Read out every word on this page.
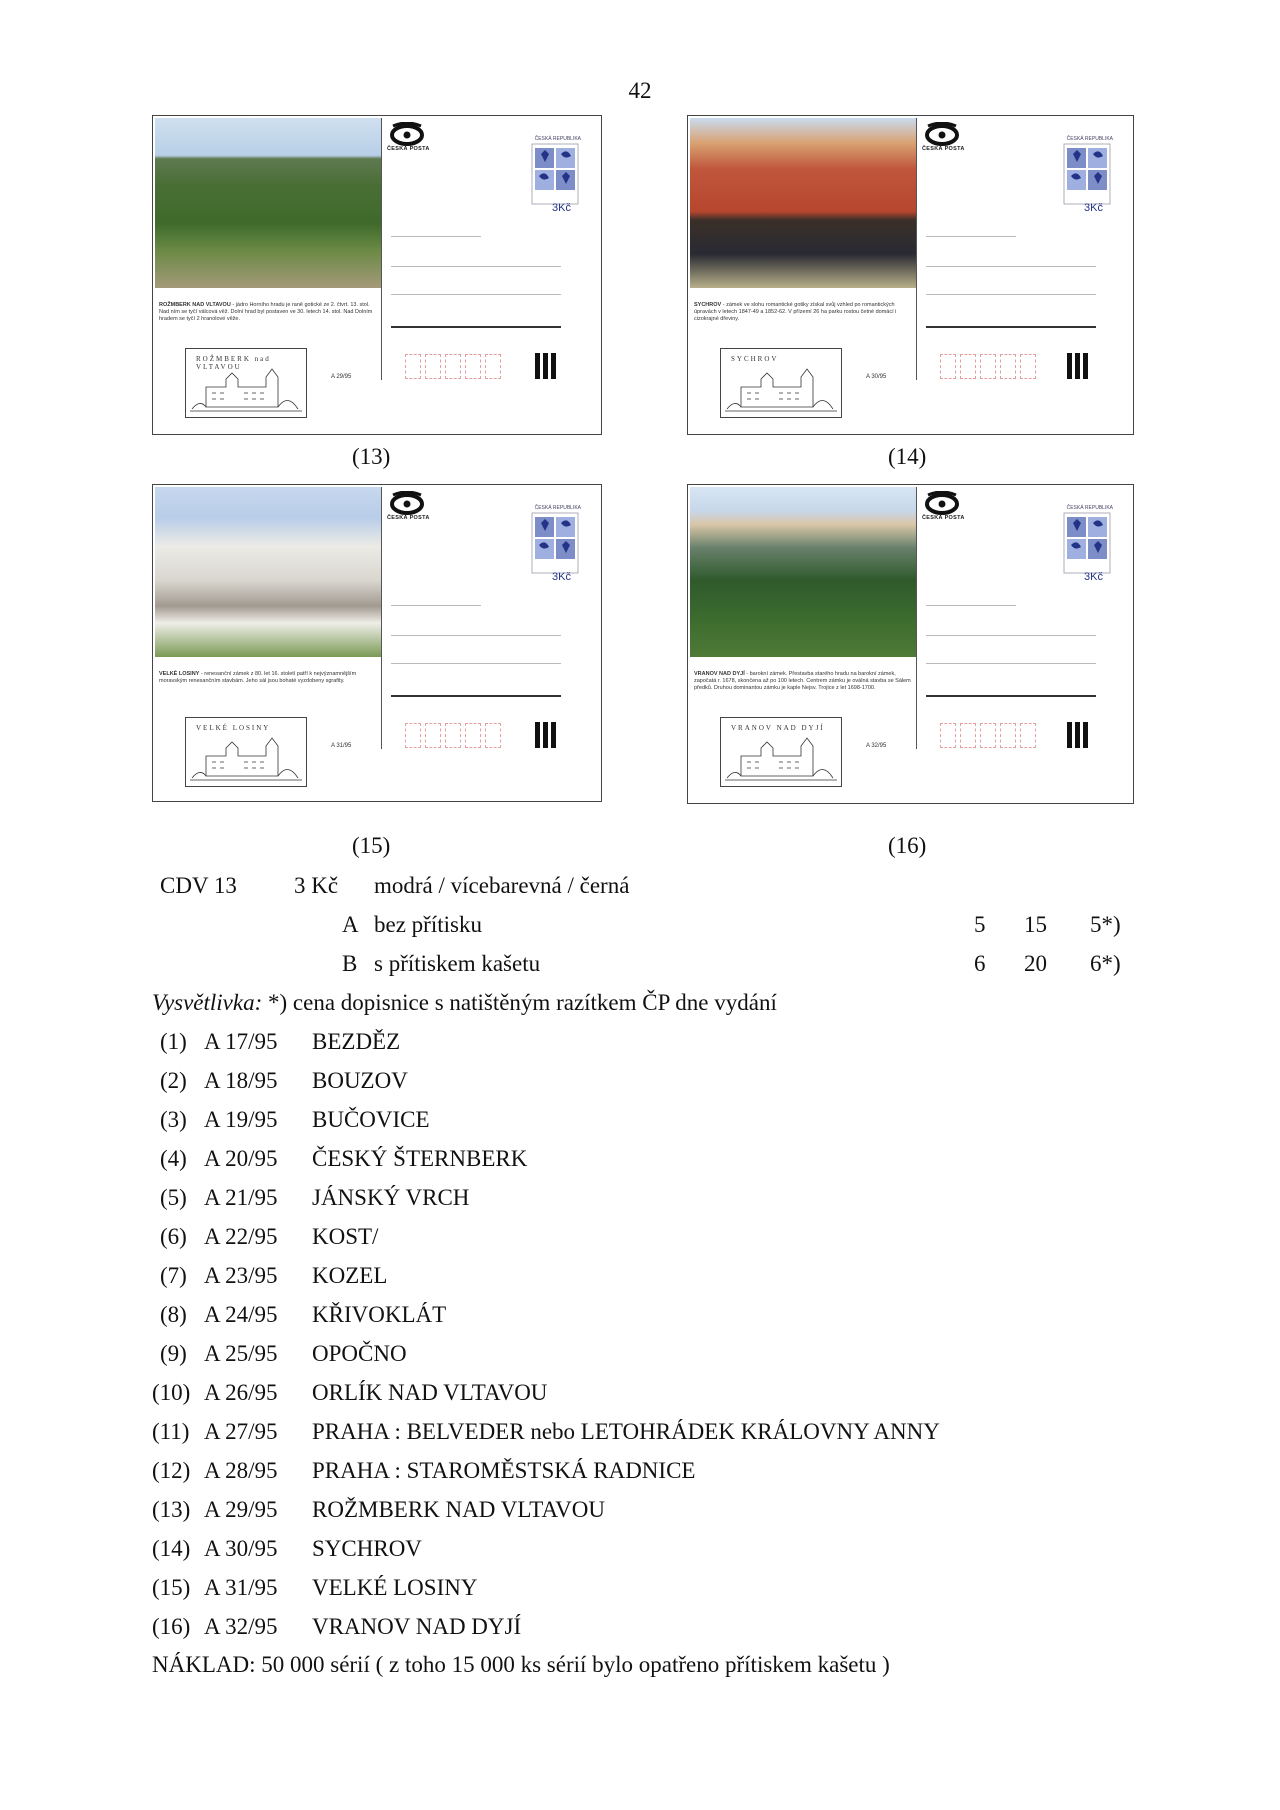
42
ROŽMBERK NAD VLTAVOU - jádro Horního hradu je raně gotické ze 2. čtvrt. 13. stol. Nad ním se tyčí válcová věž. Dolní hrad byl postaven ve 30. letech 14. stol. Nad Dolním hradem se tyčí 2 hranolové věže.
ROŽMBERK nad VLTAVOU
A 29/95
ČESKÁ POSTA
ČESKÁ REPUBLIKA
3Kč
SYCHROV - zámek ve slohu romantické gotiky získal svůj vzhled po romantických úpravách v letech 1847-49 a 1852-62. V přízemí 26 ha parku rostou četné domácí i cizokrajné dřeviny.
SYCHROV
A 30/95
ČESKÁ POSTA
ČESKÁ REPUBLIKA
3Kč
VELKÉ LOSINY - renesanční zámek z 80. let 16. století patří k nejvýznamnějším moravským renesančním stavbám. Jeho sál jsou bohaté vyzdobeny sgrafity.
VELKÉ LOSINY
A 31/95
ČESKÁ POSTA
ČESKÁ REPUBLIKA
3Kč
VRANOV NAD DYJÍ - barokní zámek. Přestavba starého hradu na barokní zámek, započatá r. 1678, skončena až po 100 letech. Centrem zámku je oválná stavba se Sálem předků. Druhou dominantou zámku je kaple Nejsv. Trojice z let 1698-1700.
VRANOV NAD DYJÍ
A 32/95
ČESKÁ POSTA
ČESKÁ REPUBLIKA
3Kč
(13)	(14)
(15)	(16)
CDV 13 3 Kč modrá / vícebarevná / černá
A bez přítisku	5 15 5*)
B s přítiskem kašetu	6 20 6*)
Vysvětlivka: *) cena dopisnice s natištěným razítkem ČP dne vydání
(1) A 17/95 BEZDĚZ
(2) A 18/95 BOUZOV
(3) A 19/95 BUČOVICE
(4) A 20/95 ČESKÝ ŠTERNBERK
(5) A 21/95 JÁNSKÝ VRCH
(6) A 22/95 KOST/
(7) A 23/95 KOZEL
(8) A 24/95 KŘIVOKLÁT
(9) A 25/95 OPOČNO
(10) A 26/95 ORLÍK NAD VLTAVOU
(11) A 27/95 PRAHA : BELVEDER nebo LETOHRÁDEK KRÁLOVNY ANNY
(12) A 28/95 PRAHA : STAROMĚSTSKÁ RADNICE
(13) A 29/95 ROŽMBERK NAD VLTAVOU
(14) A 30/95 SYCHROV
(15) A 31/95 VELKÉ LOSINY
(16) A 32/95 VRANOV NAD DYJÍ
NÁKLAD: 50 000 sérií ( z toho 15 000 ks sérií bylo opatřeno přítiskem kašetu )
